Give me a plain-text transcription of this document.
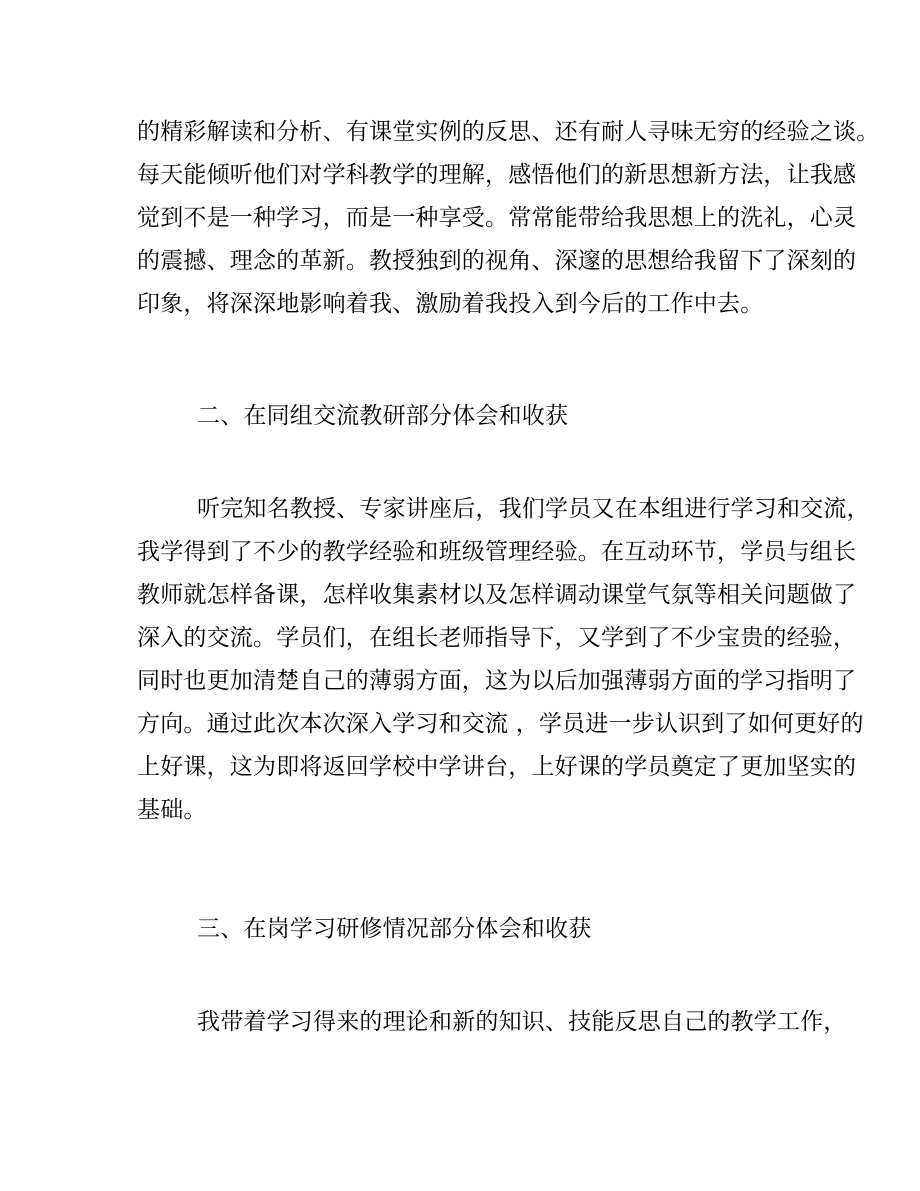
的精彩解读和分析、有课堂实例的反思、还有耐人寻味无穷的经验之谈。
每天能倾听他们对学科教学的理解，感悟他们的新思想新方法，让我感
觉到不是一种学习，而是一种享受。常常能带给我思想上的洗礼，心灵
的震撼、理念的革新。教授独到的视角、深邃的思想给我留下了深刻的
印象，将深深地影响着我、激励着我投入到今后的工作中去。
二、在同组交流教研部分体会和收获
听完知名教授、专家讲座后，我们学员又在本组进行学习和交流，
我学得到了不少的教学经验和班级管理经验。在互动环节，学员与组长
教师就怎样备课，怎样收集素材以及怎样调动课堂气氛等相关问题做了
深入的交流。学员们，在组长老师指导下，又学到了不少宝贵的经验，
同时也更加清楚自己的薄弱方面，这为以后加强薄弱方面的学习指明了
方向。通过此次本次深入学习和交流 ，学员进一步认识到了如何更好的
上好课，这为即将返回学校中学讲台，上好课的学员奠定了更加坚实的
基础。
三、在岗学习研修情况部分体会和收获
我带着学习得来的理论和新的知识、技能反思自己的教学工作，
